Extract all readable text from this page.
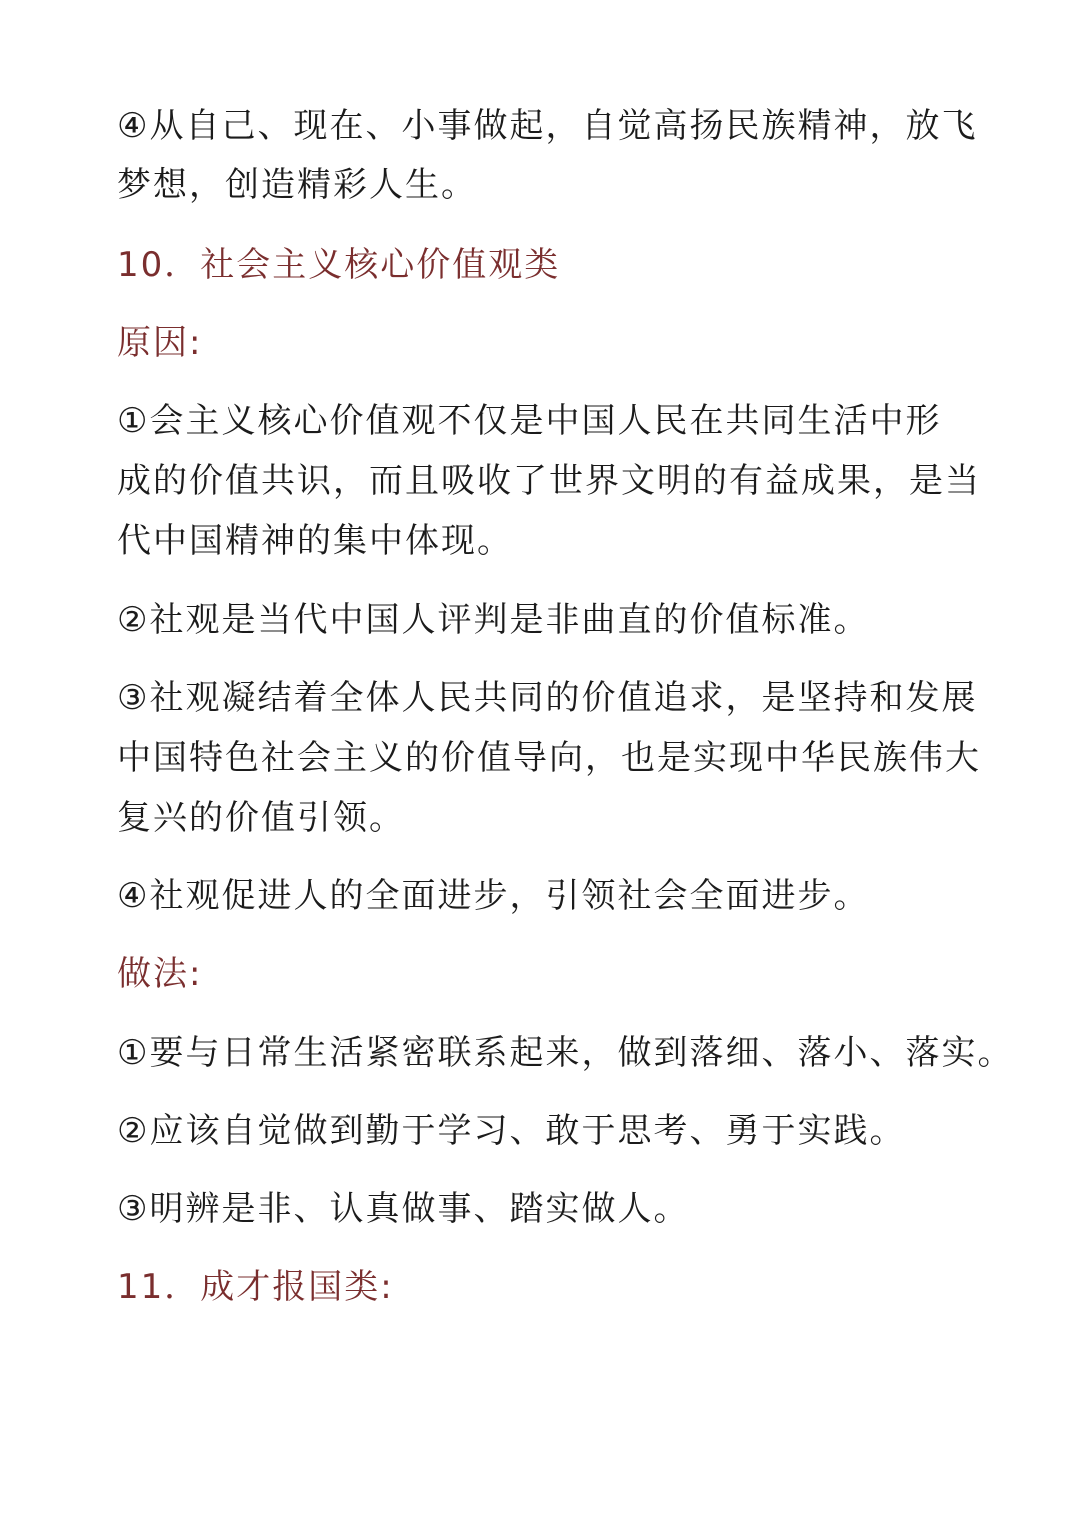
④从自己、现在、小事做起，自觉高扬民族精神，放飞
梦想，创造精彩人生。
10．社会主义核心价值观类
原因:
①会主义核心价值观不仅是中国人民在共同生活中形
成的价值共识，而且吸收了世界文明的有益成果，是当
代中国精神的集中体现。
②社观是当代中国人评判是非曲直的价值标准。
③社观凝结着全体人民共同的价值追求，是坚持和发展
中国特色社会主义的价值导向，也是实现中华民族伟大
复兴的价值引领。
④社观促进人的全面进步，引领社会全面进步。
做法:
①要与日常生活紧密联系起来，做到落细、落小、落实。
②应该自觉做到勤于学习、敢于思考、勇于实践。
③明辨是非、认真做事、踏实做人。
11．成才报国类:
